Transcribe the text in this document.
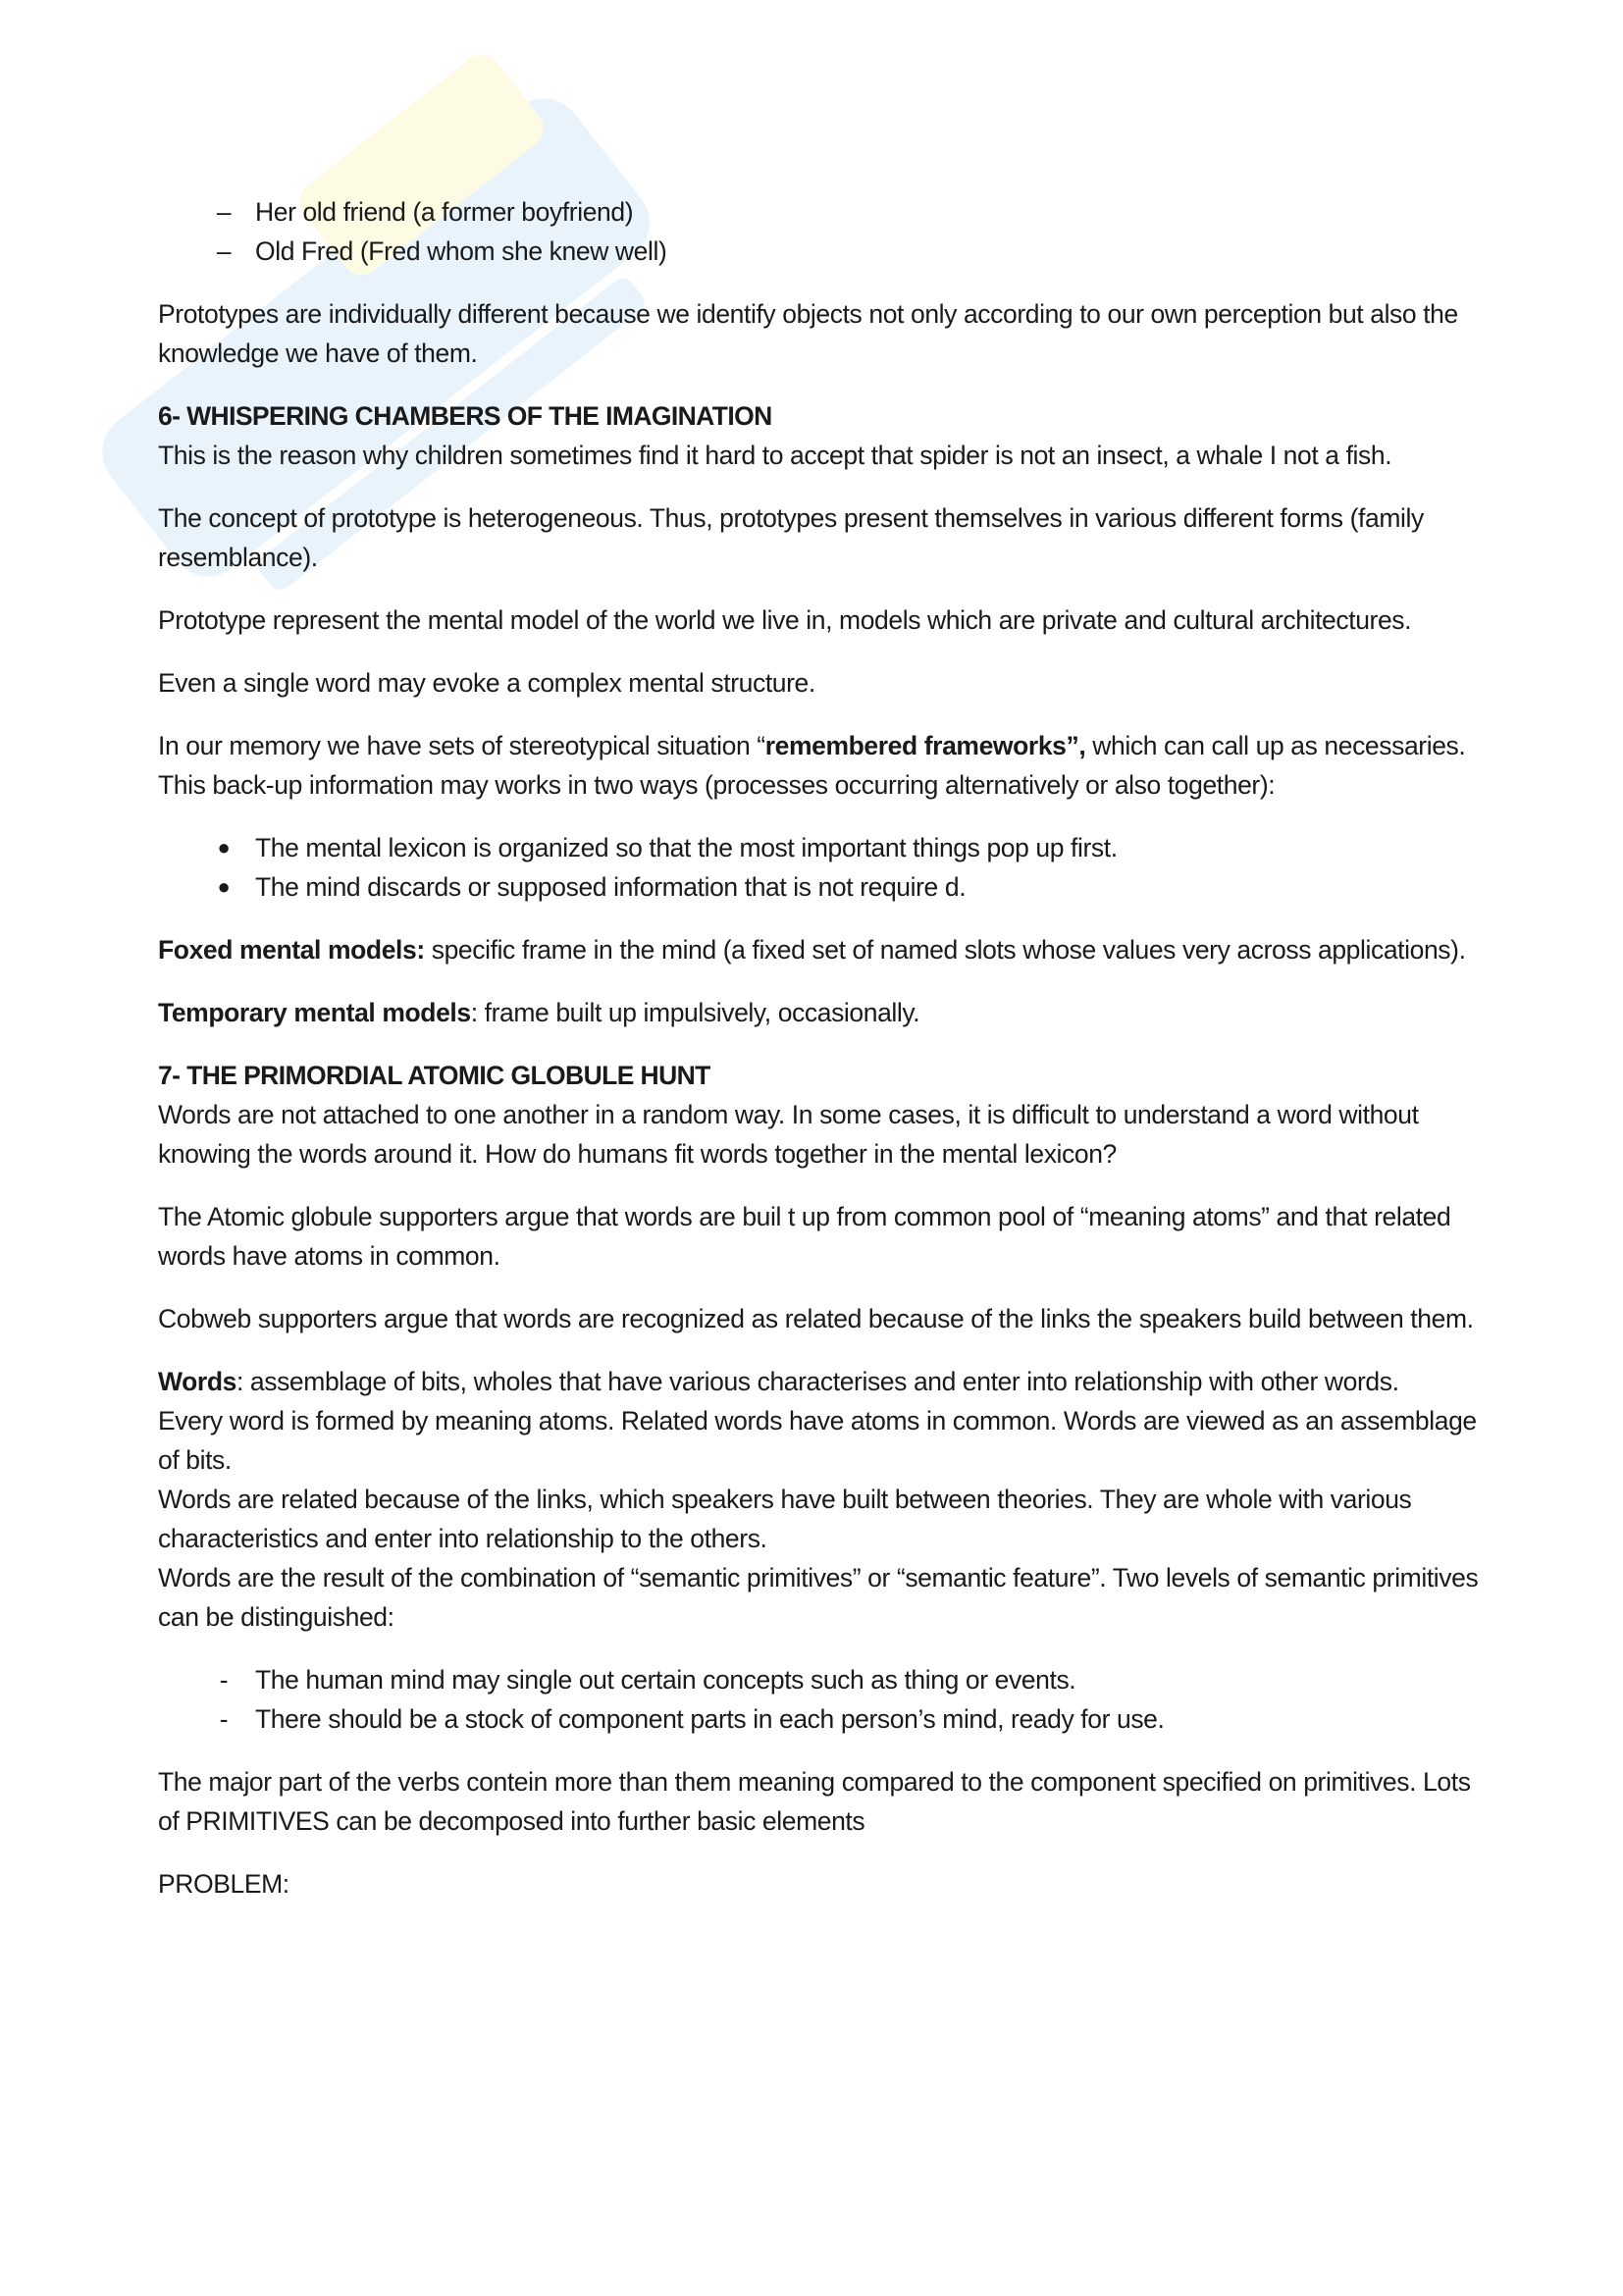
– Her old friend (a former boyfriend)
– Old Fred (Fred whom she knew well)

Prototypes are individually different because we identify objects not only according to our own perception but also the knowledge we have of them.

6- WHISPERING CHAMBERS OF THE IMAGINATION

This is the reason why children sometimes find it hard to accept that spider is not an insect, a whale I not a fish.

The concept of prototype is heterogeneous. Thus, prototypes present themselves in various different forms (family resemblance).

Prototype represent the mental model of the world we live in, models which are private and cultural architectures.

Even a single word may evoke a complex mental structure.

In our memory we have sets of stereotypical situation “remembered frameworks”, which can call up as necessaries. This back-up information may works in two ways (processes occurring alternatively or also together):

● The mental lexicon is organized so that the most important things pop up first.
● The mind discards or supposed information that is not require d.

Foxed mental models: specific frame in the mind (a fixed set of named slots whose values very across applications).

Temporary mental models: frame built up impulsively, occasionally.

7- THE PRIMORDIAL ATOMIC GLOBULE HUNT

Words are not attached to one another in a random way. In some cases, it is difficult to understand a word without knowing the words around it. How do humans fit words together in the mental lexicon?

The Atomic globule supporters argue that words are buil t up from common pool of “meaning atoms” and that related words have atoms in common.

Cobweb supporters argue that words are recognized as related because of the links the speakers build between them.

Words: assemblage of bits, wholes that have various characterises and enter into relationship with other words.

Every word is formed by meaning atoms. Related words have atoms in common. Words are viewed as an assemblage of bits.

Words are related because of the links, which speakers have built between theories. They are whole with various characteristics and enter into relationship to the others.

Words are the result of the combination of “semantic primitives” or “semantic feature”. Two levels of semantic primitives can be distinguished:

-	The human mind may single out certain concepts such as thing or events.
-	There should be a stock of component parts in each person’s mind, ready for use.

The major part of the verbs contein more than them meaning compared to the component specified on primitives. Lots of PRIMITIVES can be decomposed into further basic elements

PROBLEM:
